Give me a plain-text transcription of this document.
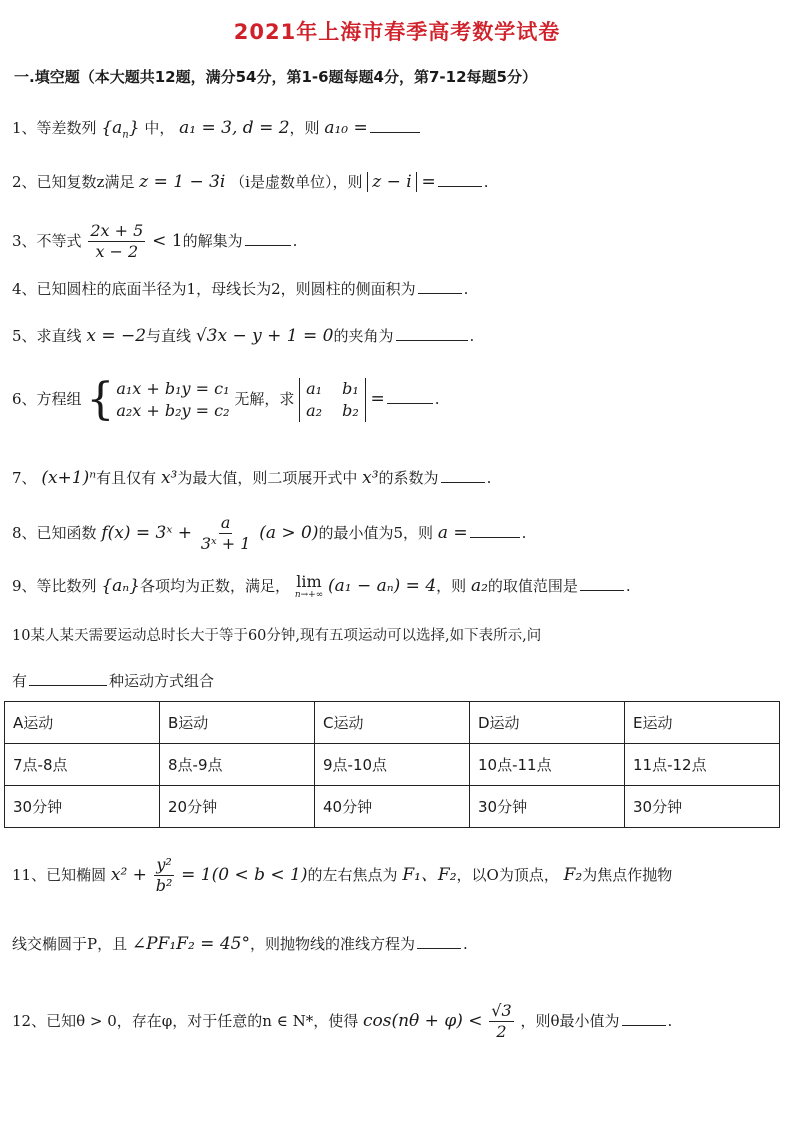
2021年上海市春季高考数学试卷
一.填空题（本大题共12题，满分54分，第1-6题每题4分，第7-12每题5分）
1、等差数列 $\{a_n\}$ 中， a₁ = 3, d = 2，则 a₁₀ =
2、已知复数z满足 z = 1 − 3i （i是虚数单位），则 z − i =	.
3、不等式 $\frac{2x + 5}{x - 2} < 1$的解集为	.
4、已知圆柱的底面半径为1，母线长为2，则圆柱的侧面积为	.
5、求直线 x = −2与直线 √3x − y + 1 = 0的夹角为	.
6、方程组 { a₁x + b₁y = c₁
a₂x + b₂y = c₂
无解，求
a₁ b₁
a₂ b₂
=	.
7、 (x+1)ⁿ有且仅有 x³为最大值，则二项展开式中 x³的系数为	.
8、已知函数 f(x) = 3ˣ + $\frac{a}{\text{3ˣ + 1}} (a > 0)$的最小值为5，则 a =	.
9、等比数列 {aₙ}各项均为正数，满足， lim
n→+∞ (a₁ − aₙ) = 4，则 a₂的取值范围是	.
10某人某天需要运动总时长大于等于60分钟,现有五项运动可以选择,如下表所示,问
有	种运动方式组合
A运动	B运动	C运动	D运动	E运动
7点-8点	8点-9点	9点-10点	10点-11点	11点-12点
30分钟	20分钟	40分钟	30分钟	30分钟
11、已知椭圆 $x^2 + \frac{\text{y²}}{\text{b²}} = 1(0 < b < 1)$的左右焦点为 F₁、F₂，以O为顶点， F₂为焦点作抛物
线交椭圆于P，且 ∠PF₁F₂ = 45°，则抛物线的准线方程为	.
12、已知θ > 0，存在φ，对于任意的n ∈ N*，使得 $\cos(n\theta + \varphi) < \frac{√3}{2}$ ，则θ最小值为	.
